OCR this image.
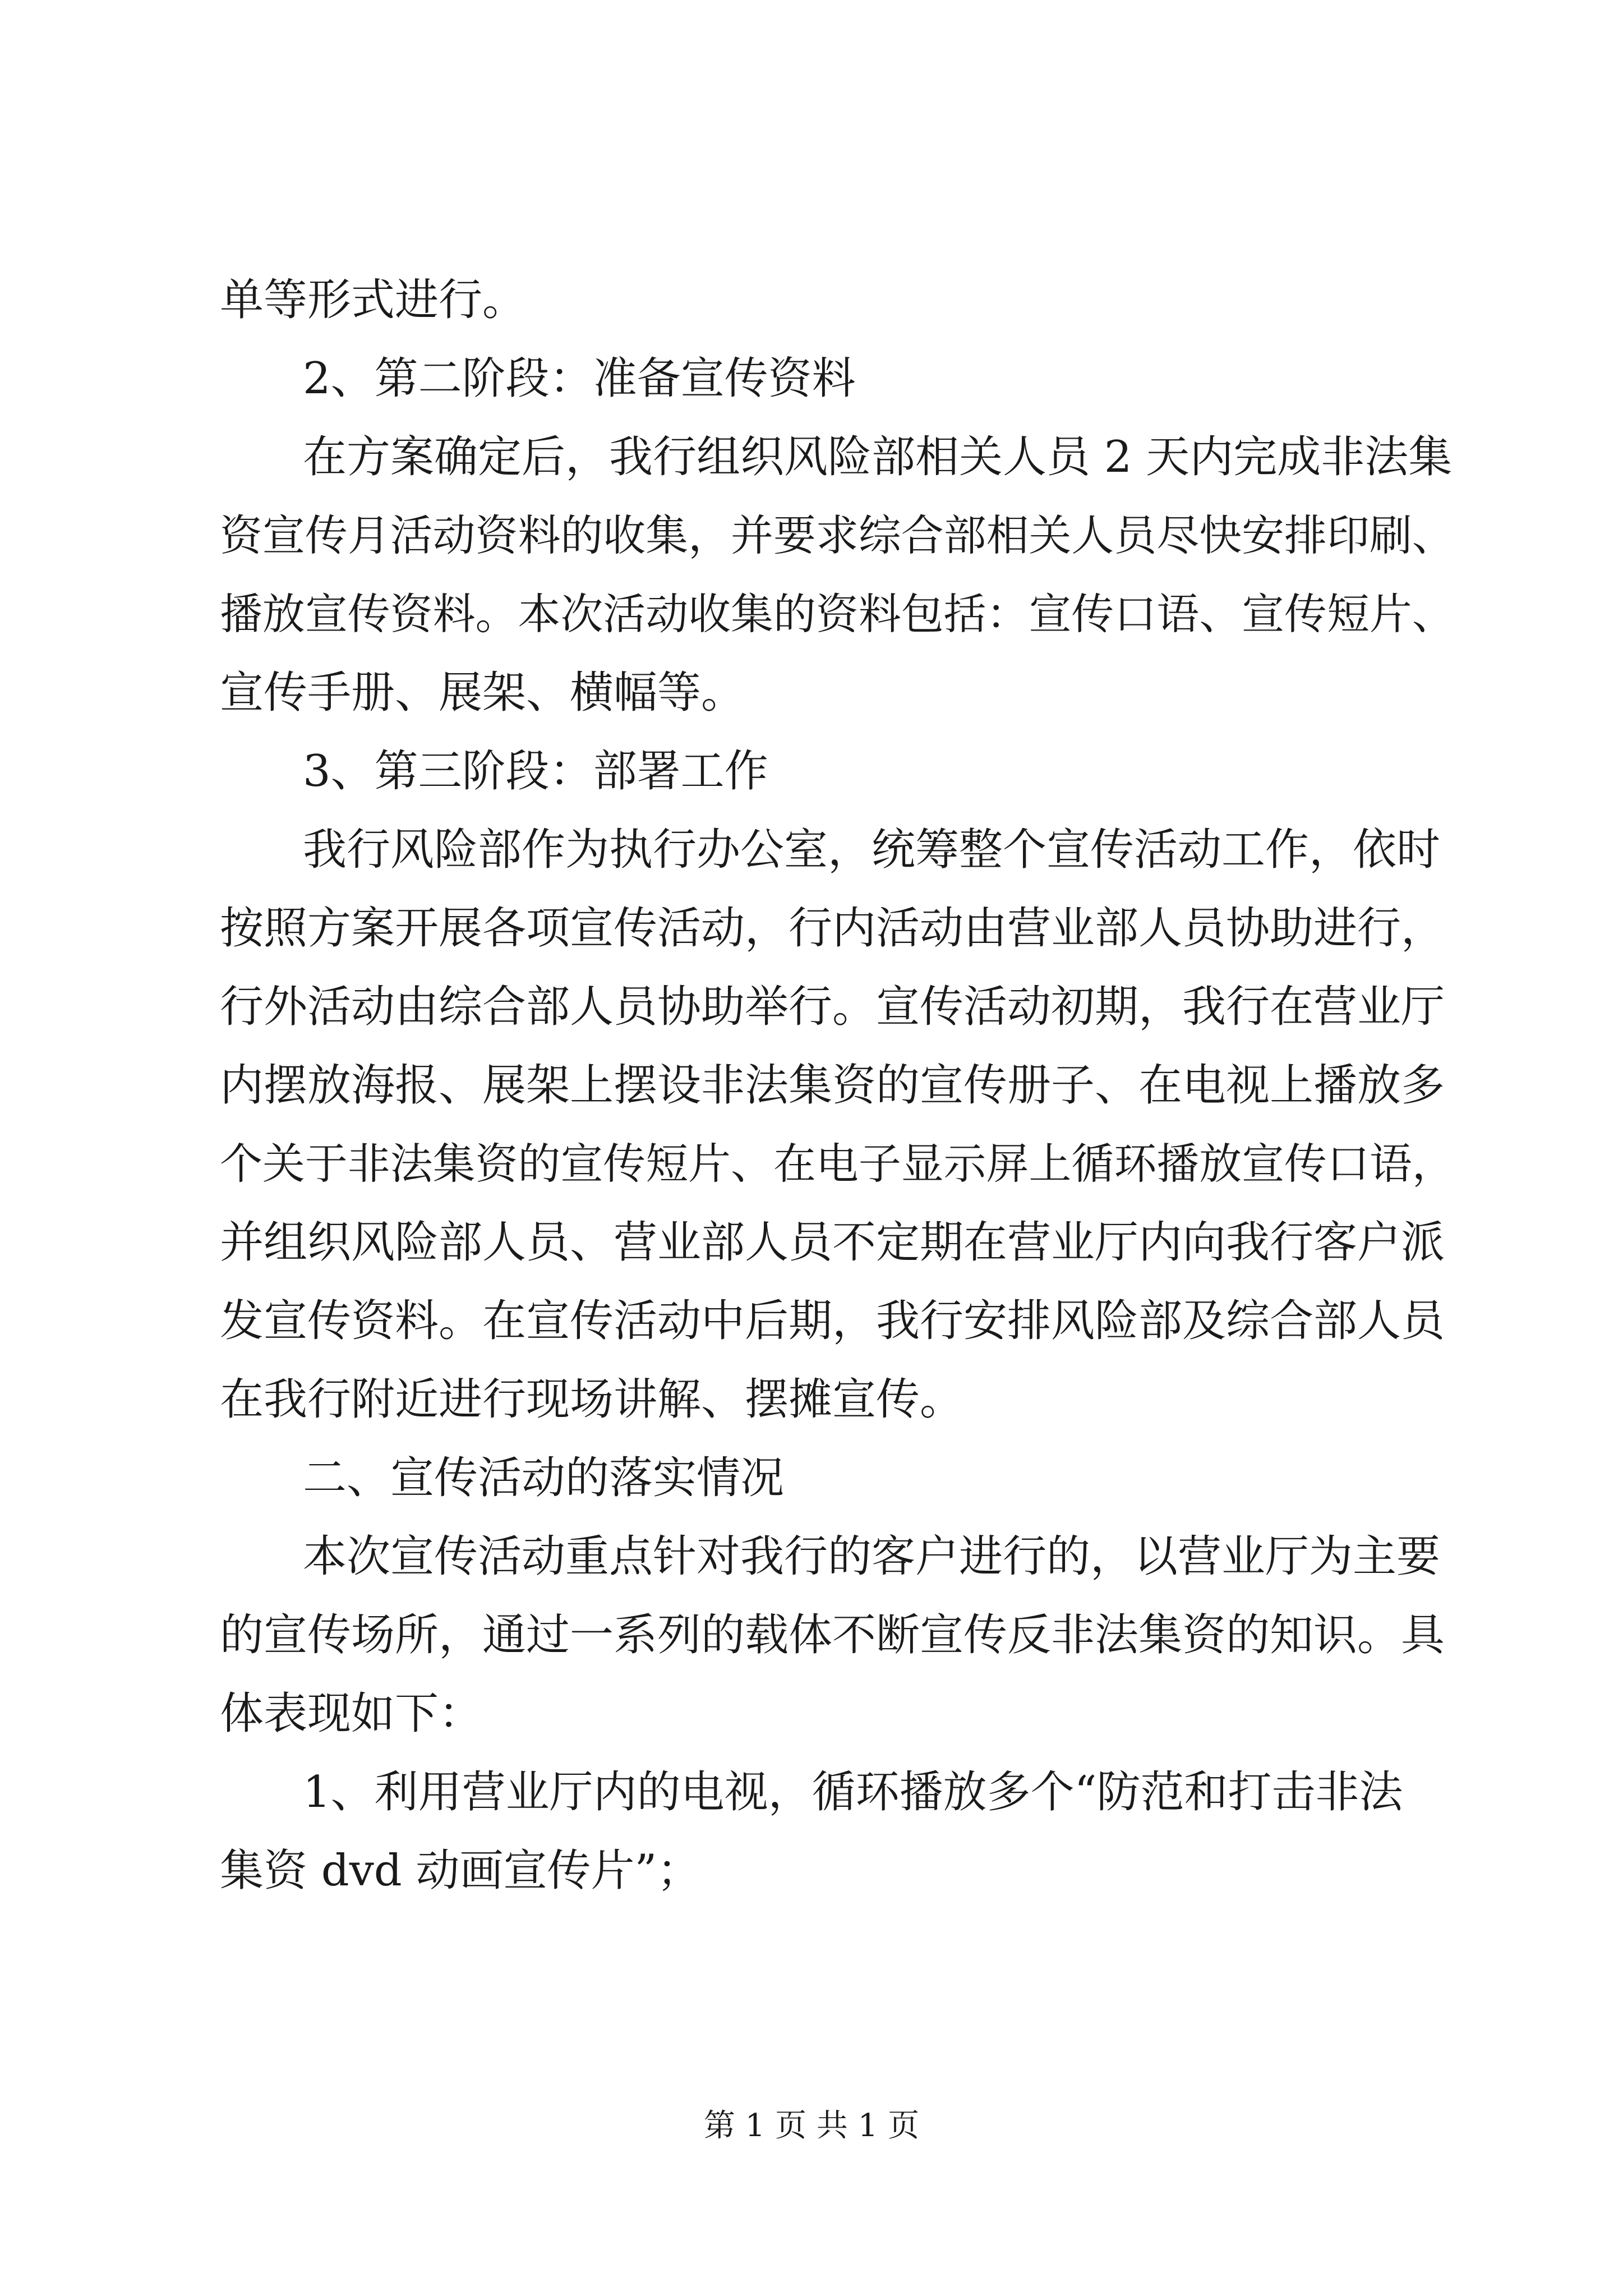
单等形式进行。
2、第二阶段：准备宣传资料
在方案确定后，我行组织风险部相关人员 2 天内完成非法集
资宣传月活动资料的收集，并要求综合部相关人员尽快安排印刷、
播放宣传资料。本次活动收集的资料包括：宣传口语、宣传短片、
宣传手册、展架、横幅等。
3、第三阶段：部署工作
我行风险部作为执行办公室，统筹整个宣传活动工作，依时
按照方案开展各项宣传活动，行内活动由营业部人员协助进行，
行外活动由综合部人员协助举行。宣传活动初期，我行在营业厅
内摆放海报、展架上摆设非法集资的宣传册子、在电视上播放多
个关于非法集资的宣传短片、在电子显示屏上循环播放宣传口语，
并组织风险部人员、营业部人员不定期在营业厅内向我行客户派
发宣传资料。在宣传活动中后期，我行安排风险部及综合部人员
在我行附近进行现场讲解、摆摊宣传。
二、宣传活动的落实情况
本次宣传活动重点针对我行的客户进行的，以营业厅为主要
的宣传场所，通过一系列的载体不断宣传反非法集资的知识。具
体表现如下：
1、利用营业厅内的电视，循环播放多个“防范和打击非法
集资 dvd 动画宣传片”；
第 1 页 共 1 页
